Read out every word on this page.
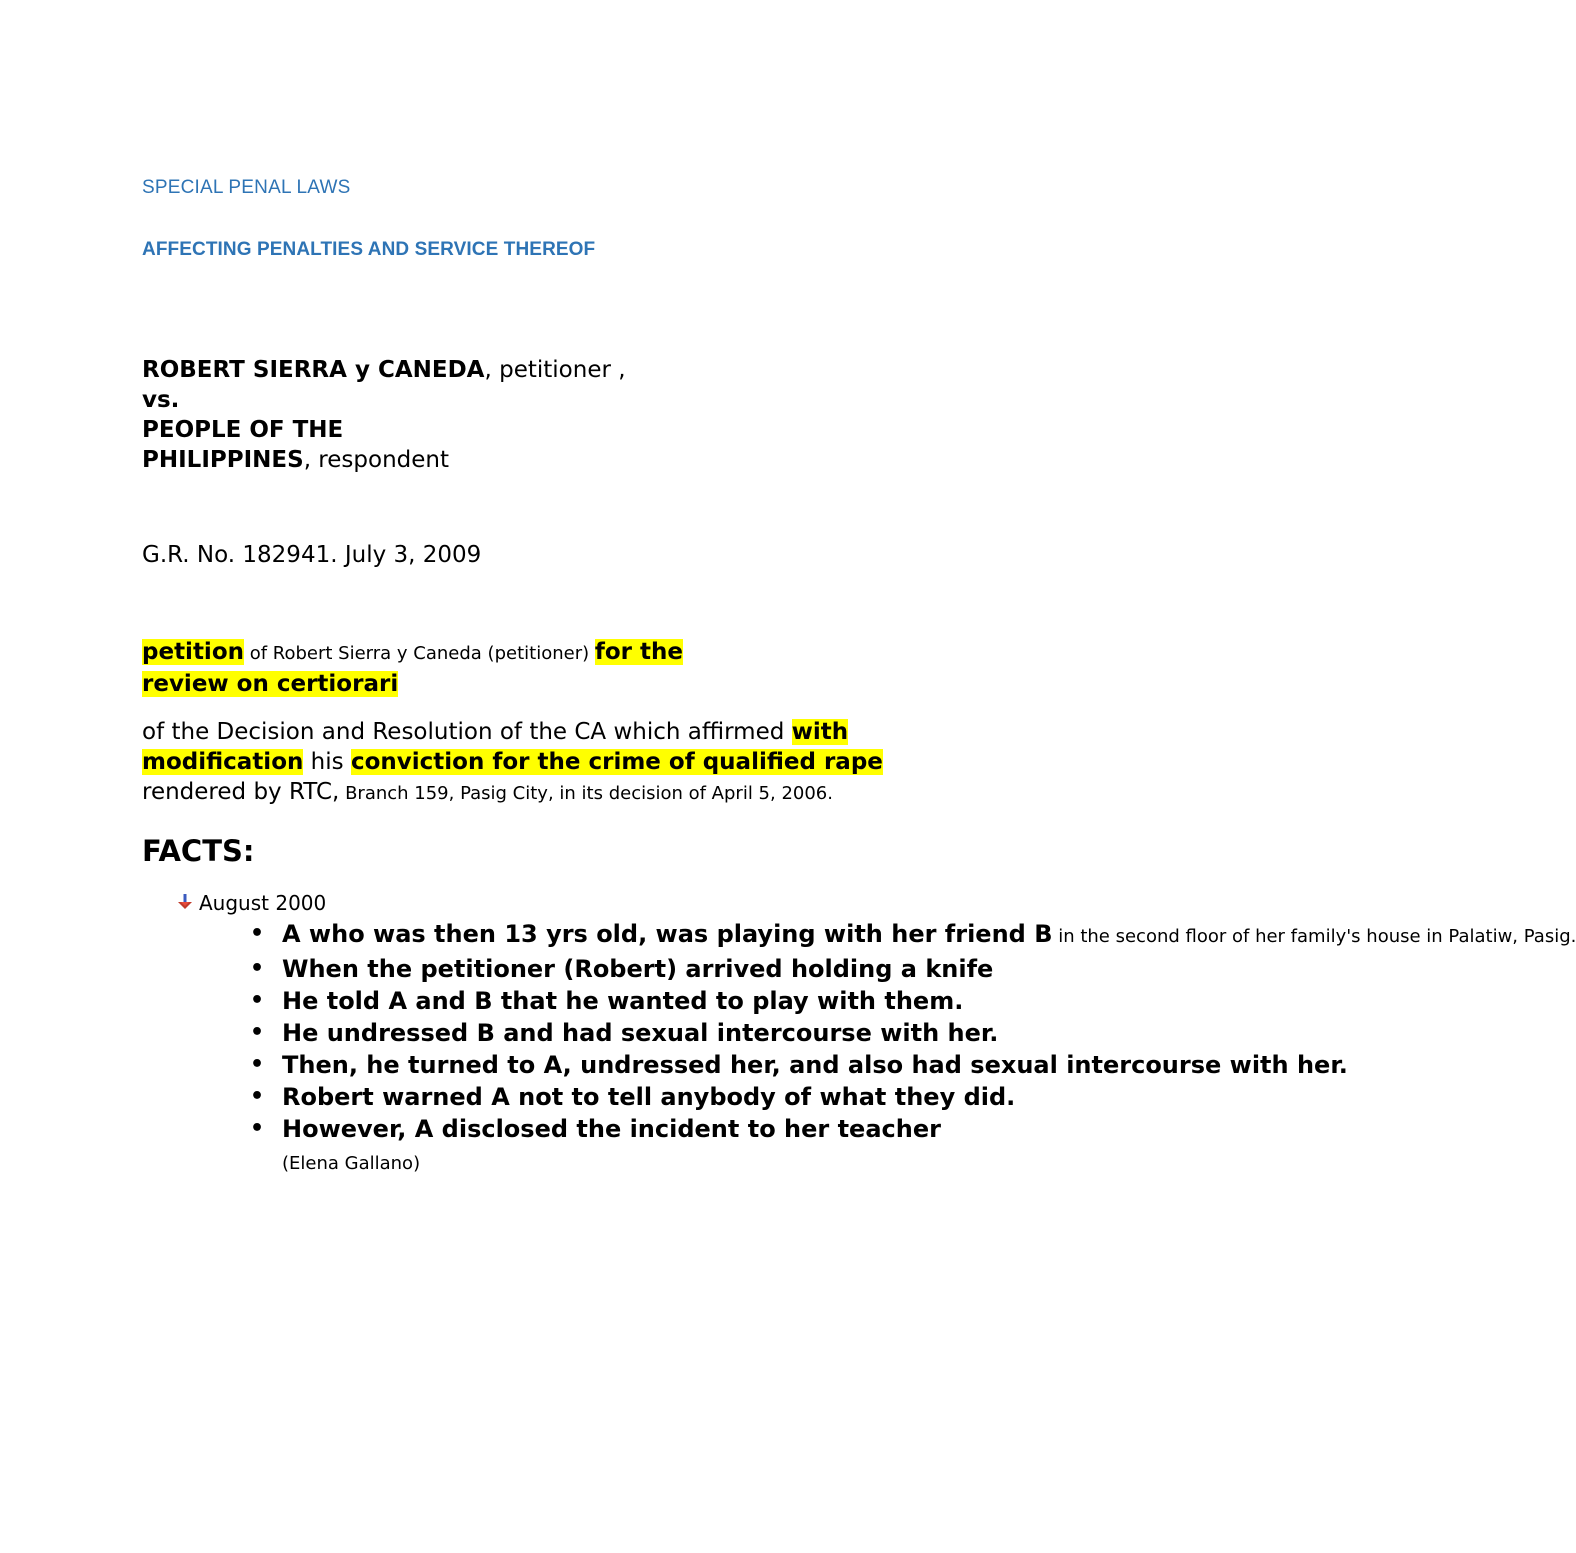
SPECIAL PENAL LAWS
AFFECTING PENALTIES AND SERVICE THEREOF
ROBERT SIERRA y CANEDA, petitioner ,
vs.
PEOPLE OF THE
PHILIPPINES, respondent
G.R. No. 182941. July 3, 2009
petition of Robert Sierra y Caneda (petitioner) for the
review on certiorari
of the Decision and Resolution of the CA which affirmed with
modification his conviction for the crime of qualified rape
rendered by RTC, Branch 159, Pasig City, in its decision of April 5, 2006.
FACTS:
August 2000
• A who was then 13 yrs old, was playing with her friend B in the second floor of her family's house in Palatiw, Pasig.
• When the petitioner (Robert) arrived holding a knife
• He told A and B that he wanted to play with them.
• He undressed B and had sexual intercourse with her.
• Then, he turned to A, undressed her, and also had sexual intercourse with her.
• Robert warned A not to tell anybody of what they did.
• However, A disclosed the incident to her teacher
(Elena Gallano)
